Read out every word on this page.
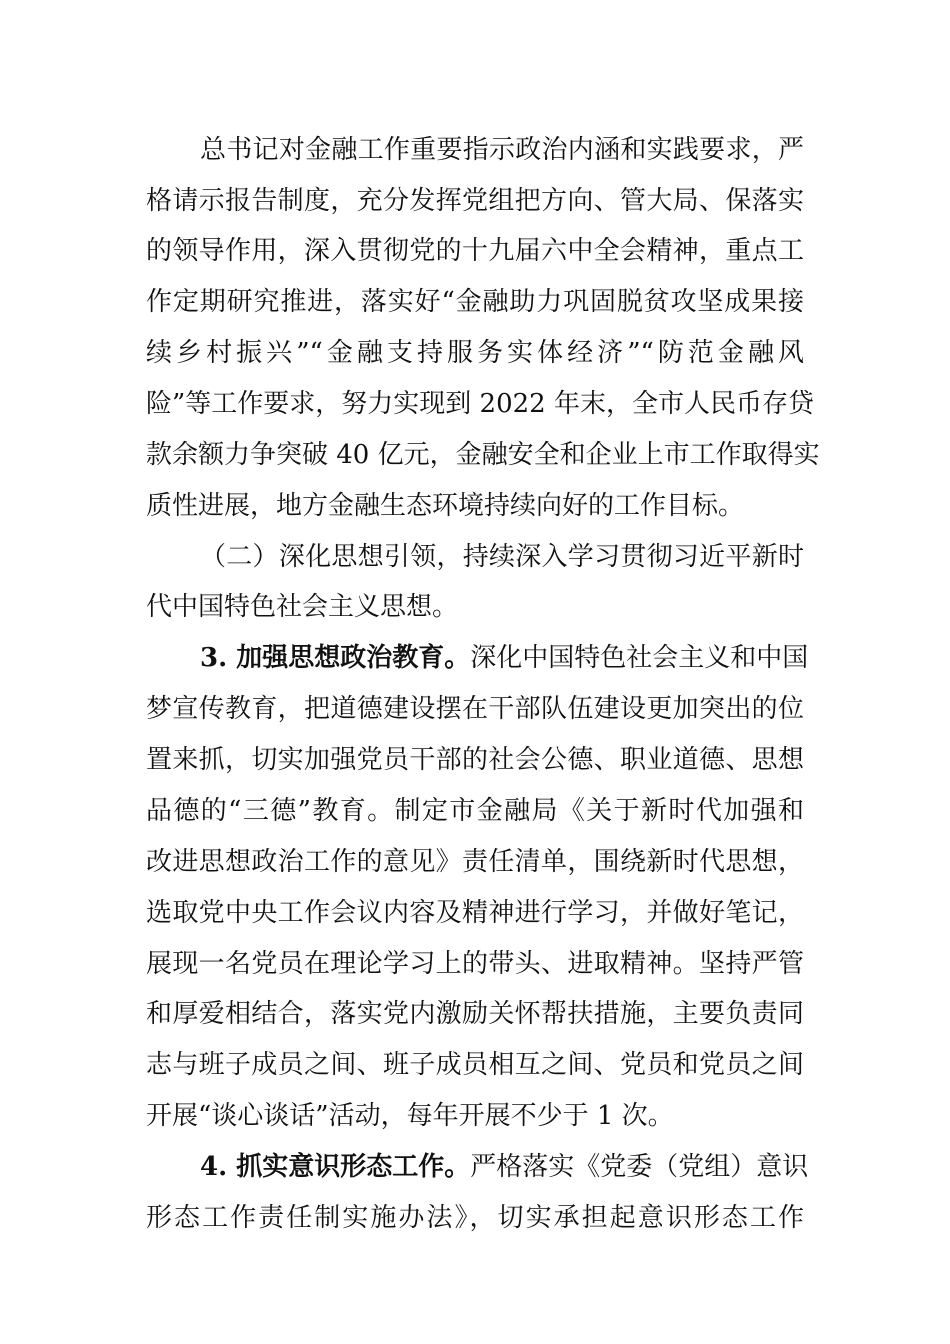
总书记对金融工作重要指示政治内涵和实践要求，严
格请示报告制度，充分发挥党组把方向、管大局、保落实
的领导作用，深入贯彻党的十九届六中全会精神，重点工
作定期研究推进，落实好“金融助力巩固脱贫攻坚成果接
续乡村振兴”“金融支持服务实体经济”“防范金融风
险”等工作要求，努力实现到 2022 年末，全市人民币存贷
款余额力争突破 40 亿元，金融安全和企业上市工作取得实
质性进展，地方金融生态环境持续向好的工作目标。
（二）深化思想引领，持续深入学习贯彻习近平新时
代中国特色社会主义思想。
3. 加强思想政治教育。深化中国特色社会主义和中国
梦宣传教育，把道德建设摆在干部队伍建设更加突出的位
置来抓，切实加强党员干部的社会公德、职业道德、思想
品德的“三德”教育。制定市金融局《关于新时代加强和
改进思想政治工作的意见》责任清单，围绕新时代思想，
选取党中央工作会议内容及精神进行学习，并做好笔记，
展现一名党员在理论学习上的带头、进取精神。坚持严管
和厚爱相结合，落实党内激励关怀帮扶措施，主要负责同
志与班子成员之间、班子成员相互之间、党员和党员之间
开展“谈心谈话”活动，每年开展不少于 1 次。
4. 抓实意识形态工作。严格落实《党委（党组）意识
形态工作责任制实施办法》，切实承担起意识形态工作
